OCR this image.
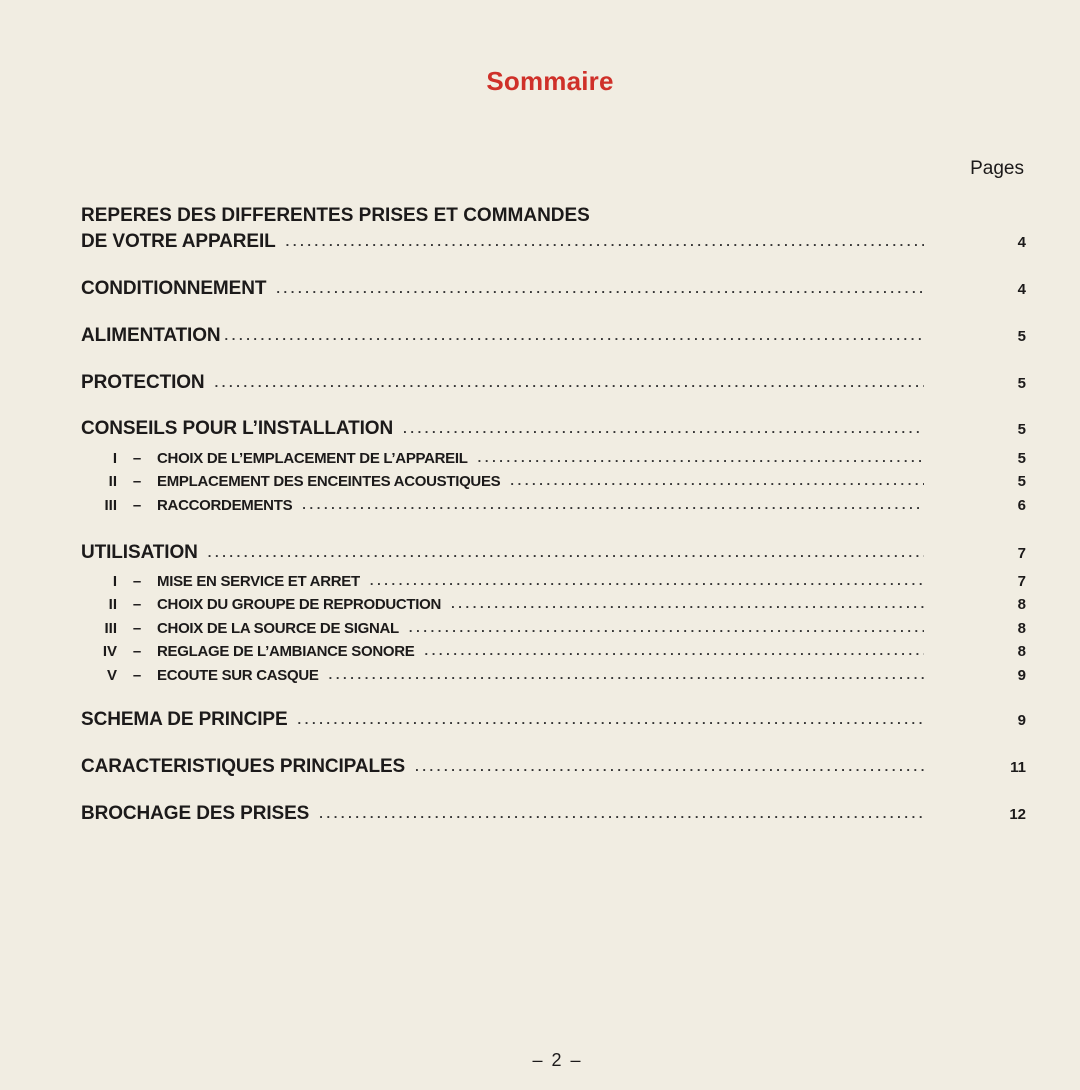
Sommaire
Pages
REPERES DES DIFFERENTES PRISES ET COMMANDES
DE VOTRE APPAREIL . . .	4
CONDITIONNEMENT . . .	4
ALIMENTATION . . .	5
PROTECTION . . .	5
CONSEILS POUR L’INSTALLATION . . .	5
I	–	CHOIX DE L’EMPLACEMENT DE L’APPAREIL . . .	5
II	–	EMPLACEMENT DES ENCEINTES ACOUSTIQUES . . .	5
III	–	RACCORDEMENTS . . .	6
UTILISATION . . .	7
I	–	MISE EN SERVICE ET ARRET . . .	7
II	–	CHOIX DU GROUPE DE REPRODUCTION . . .	8
III	–	CHOIX DE LA SOURCE DE SIGNAL . . .	8
IV	–	REGLAGE DE L’AMBIANCE SONORE . . .	8
V	–	ECOUTE SUR CASQUE . . .	9
SCHEMA DE PRINCIPE . . .	9
CARACTERISTIQUES PRINCIPALES . . .	11
BROCHAGE DES PRISES . . .	12
– 2 –
